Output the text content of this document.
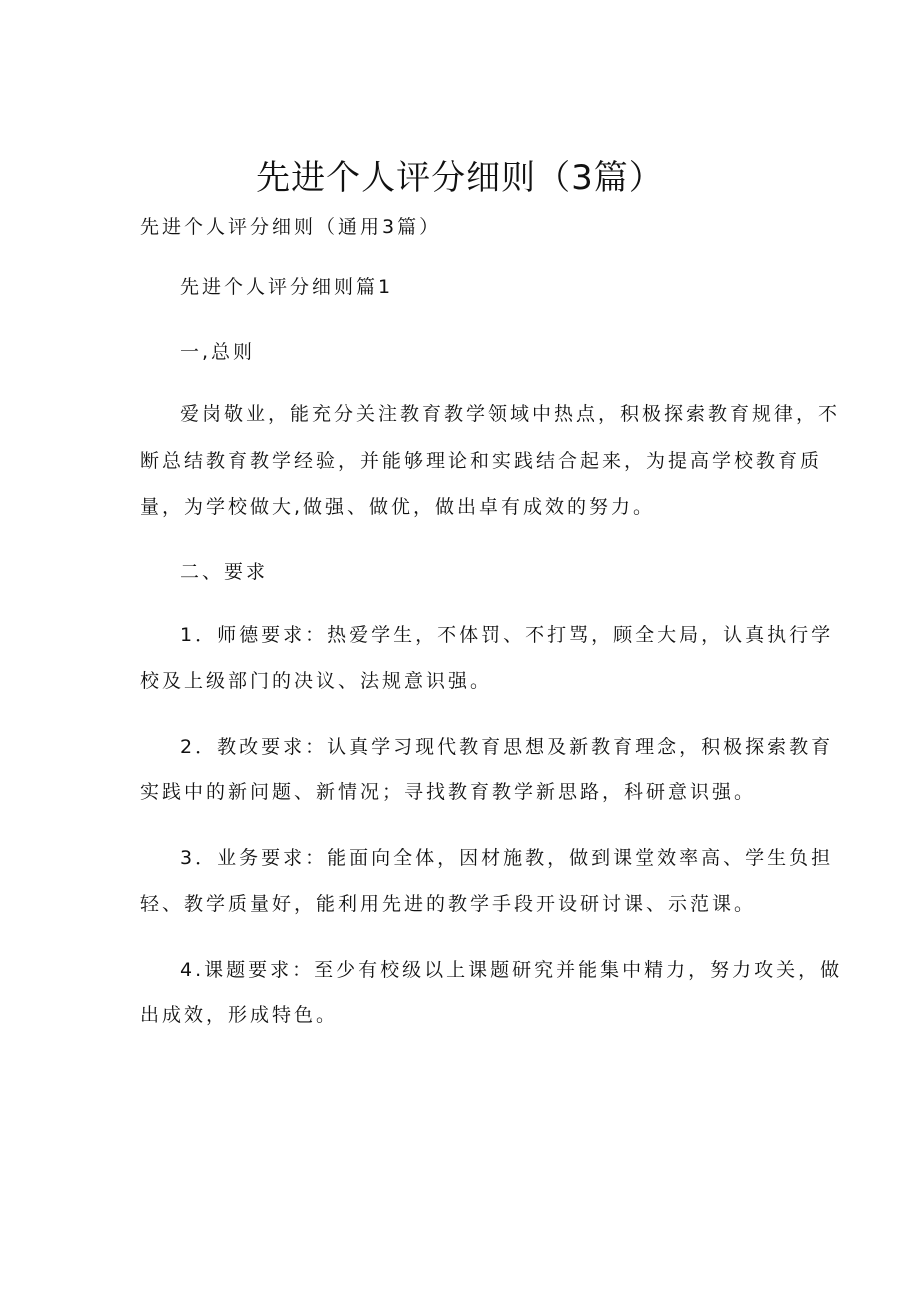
先进个人评分细则（3篇）
先进个人评分细则（通用3篇）
先进个人评分细则篇1
一,总则
爱岗敬业，能充分关注教育教学领域中热点，积极探索教育规律，不
断总结教育教学经验，并能够理论和实践结合起来，为提高学校教育质
量，为学校做大,做强、做优，做出卓有成效的努力。
二、要求
1．师德要求：热爱学生，不体罚、不打骂，顾全大局，认真执行学
校及上级部门的决议、法规意识强。
2．教改要求：认真学习现代教育思想及新教育理念，积极探索教育
实践中的新问题、新情况；寻找教育教学新思路，科研意识强。
3．业务要求：能面向全体，因材施教，做到课堂效率高、学生负担
轻、教学质量好，能利用先进的教学手段开设研讨课、示范课。
4.课题要求：至少有校级以上课题研究并能集中精力，努力攻关，做
出成效，形成特色。
